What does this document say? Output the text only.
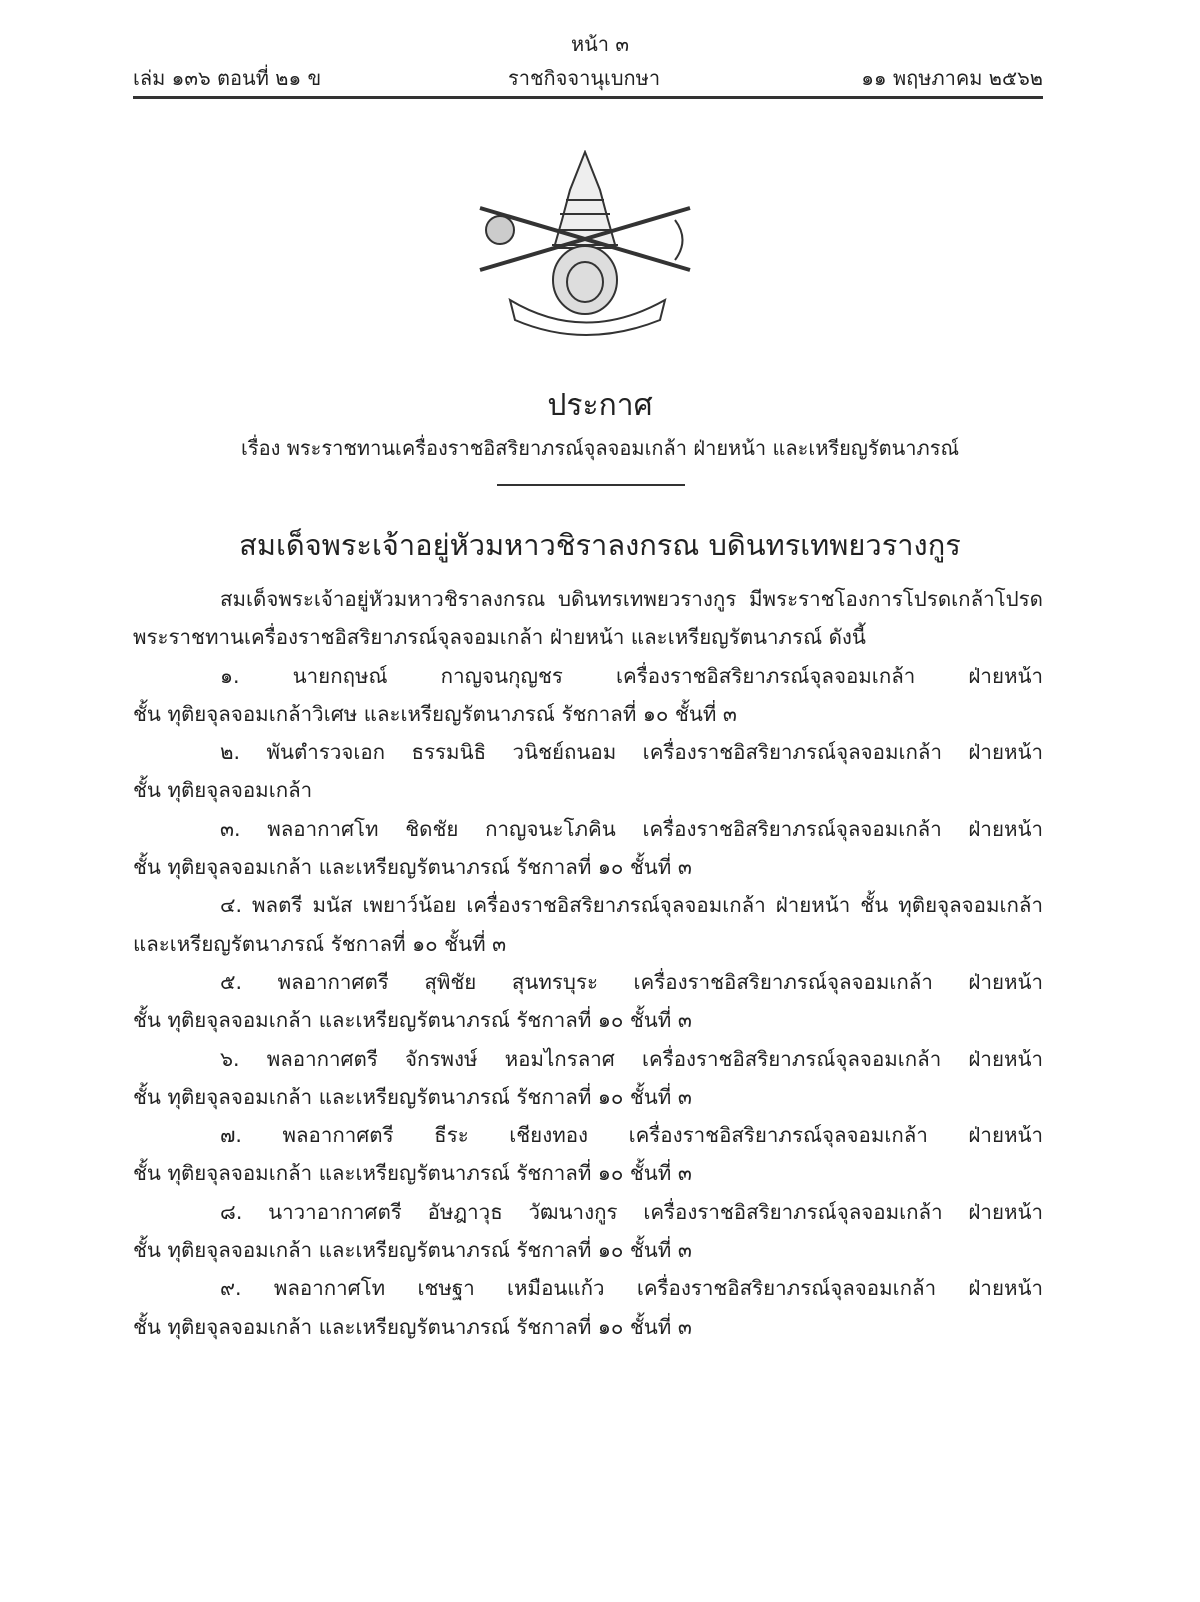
หน้า ๓
เล่ม ๑๓๖ ตอนที่ ๒๑ ข	ราชกิจจานุเบกษา	๑๑ พฤษภาคม ๒๕๖๒
ประกาศ
เรื่อง พระราชทานเครื่องราชอิสริยาภรณ์จุลจอมเกล้า ฝ่ายหน้า และเหรียญรัตนาภรณ์
สมเด็จพระเจ้าอยู่หัวมหาวชิราลงกรณ บดินทรเทพยวรางกูร
สมเด็จพระเจ้าอยู่หัวมหาวชิราลงกรณ บดินทรเทพยวรางกูร มีพระราชโองการโปรดเกล้าโปรด
พระราชทานเครื่องราชอิสริยาภรณ์จุลจอมเกล้า ฝ่ายหน้า และเหรียญรัตนาภรณ์ ดังนี้
๑. นายกฤษณ์ กาญจนกุญชร เครื่องราชอิสริยาภรณ์จุลจอมเกล้า ฝ่ายหน้า
ชั้น ทุติยจุลจอมเกล้าวิเศษ และเหรียญรัตนาภรณ์ รัชกาลที่ ๑๐ ชั้นที่ ๓
๒. พันตำรวจเอก ธรรมนิธิ วนิชย์ถนอม เครื่องราชอิสริยาภรณ์จุลจอมเกล้า ฝ่ายหน้า
ชั้น ทุติยจุลจอมเกล้า
๓. พลอากาศโท ชิดชัย กาญจนะโภคิน เครื่องราชอิสริยาภรณ์จุลจอมเกล้า ฝ่ายหน้า
ชั้น ทุติยจุลจอมเกล้า และเหรียญรัตนาภรณ์ รัชกาลที่ ๑๐ ชั้นที่ ๓
๔. พลตรี มนัส เพยาว์น้อย เครื่องราชอิสริยาภรณ์จุลจอมเกล้า ฝ่ายหน้า ชั้น ทุติยจุลจอมเกล้า
และเหรียญรัตนาภรณ์ รัชกาลที่ ๑๐ ชั้นที่ ๓
๕. พลอากาศตรี สุพิชัย สุนทรบุระ เครื่องราชอิสริยาภรณ์จุลจอมเกล้า ฝ่ายหน้า
ชั้น ทุติยจุลจอมเกล้า และเหรียญรัตนาภรณ์ รัชกาลที่ ๑๐ ชั้นที่ ๓
๖. พลอากาศตรี จักรพงษ์ หอมไกรลาศ เครื่องราชอิสริยาภรณ์จุลจอมเกล้า ฝ่ายหน้า
ชั้น ทุติยจุลจอมเกล้า และเหรียญรัตนาภรณ์ รัชกาลที่ ๑๐ ชั้นที่ ๓
๗. พลอากาศตรี ธีระ เชียงทอง เครื่องราชอิสริยาภรณ์จุลจอมเกล้า ฝ่ายหน้า
ชั้น ทุติยจุลจอมเกล้า และเหรียญรัตนาภรณ์ รัชกาลที่ ๑๐ ชั้นที่ ๓
๘. นาวาอากาศตรี อัษฎาวุธ วัฒนางกูร เครื่องราชอิสริยาภรณ์จุลจอมเกล้า ฝ่ายหน้า
ชั้น ทุติยจุลจอมเกล้า และเหรียญรัตนาภรณ์ รัชกาลที่ ๑๐ ชั้นที่ ๓
๙. พลอากาศโท เชษฐา เหมือนแก้ว เครื่องราชอิสริยาภรณ์จุลจอมเกล้า ฝ่ายหน้า
ชั้น ทุติยจุลจอมเกล้า และเหรียญรัตนาภรณ์ รัชกาลที่ ๑๐ ชั้นที่ ๓
